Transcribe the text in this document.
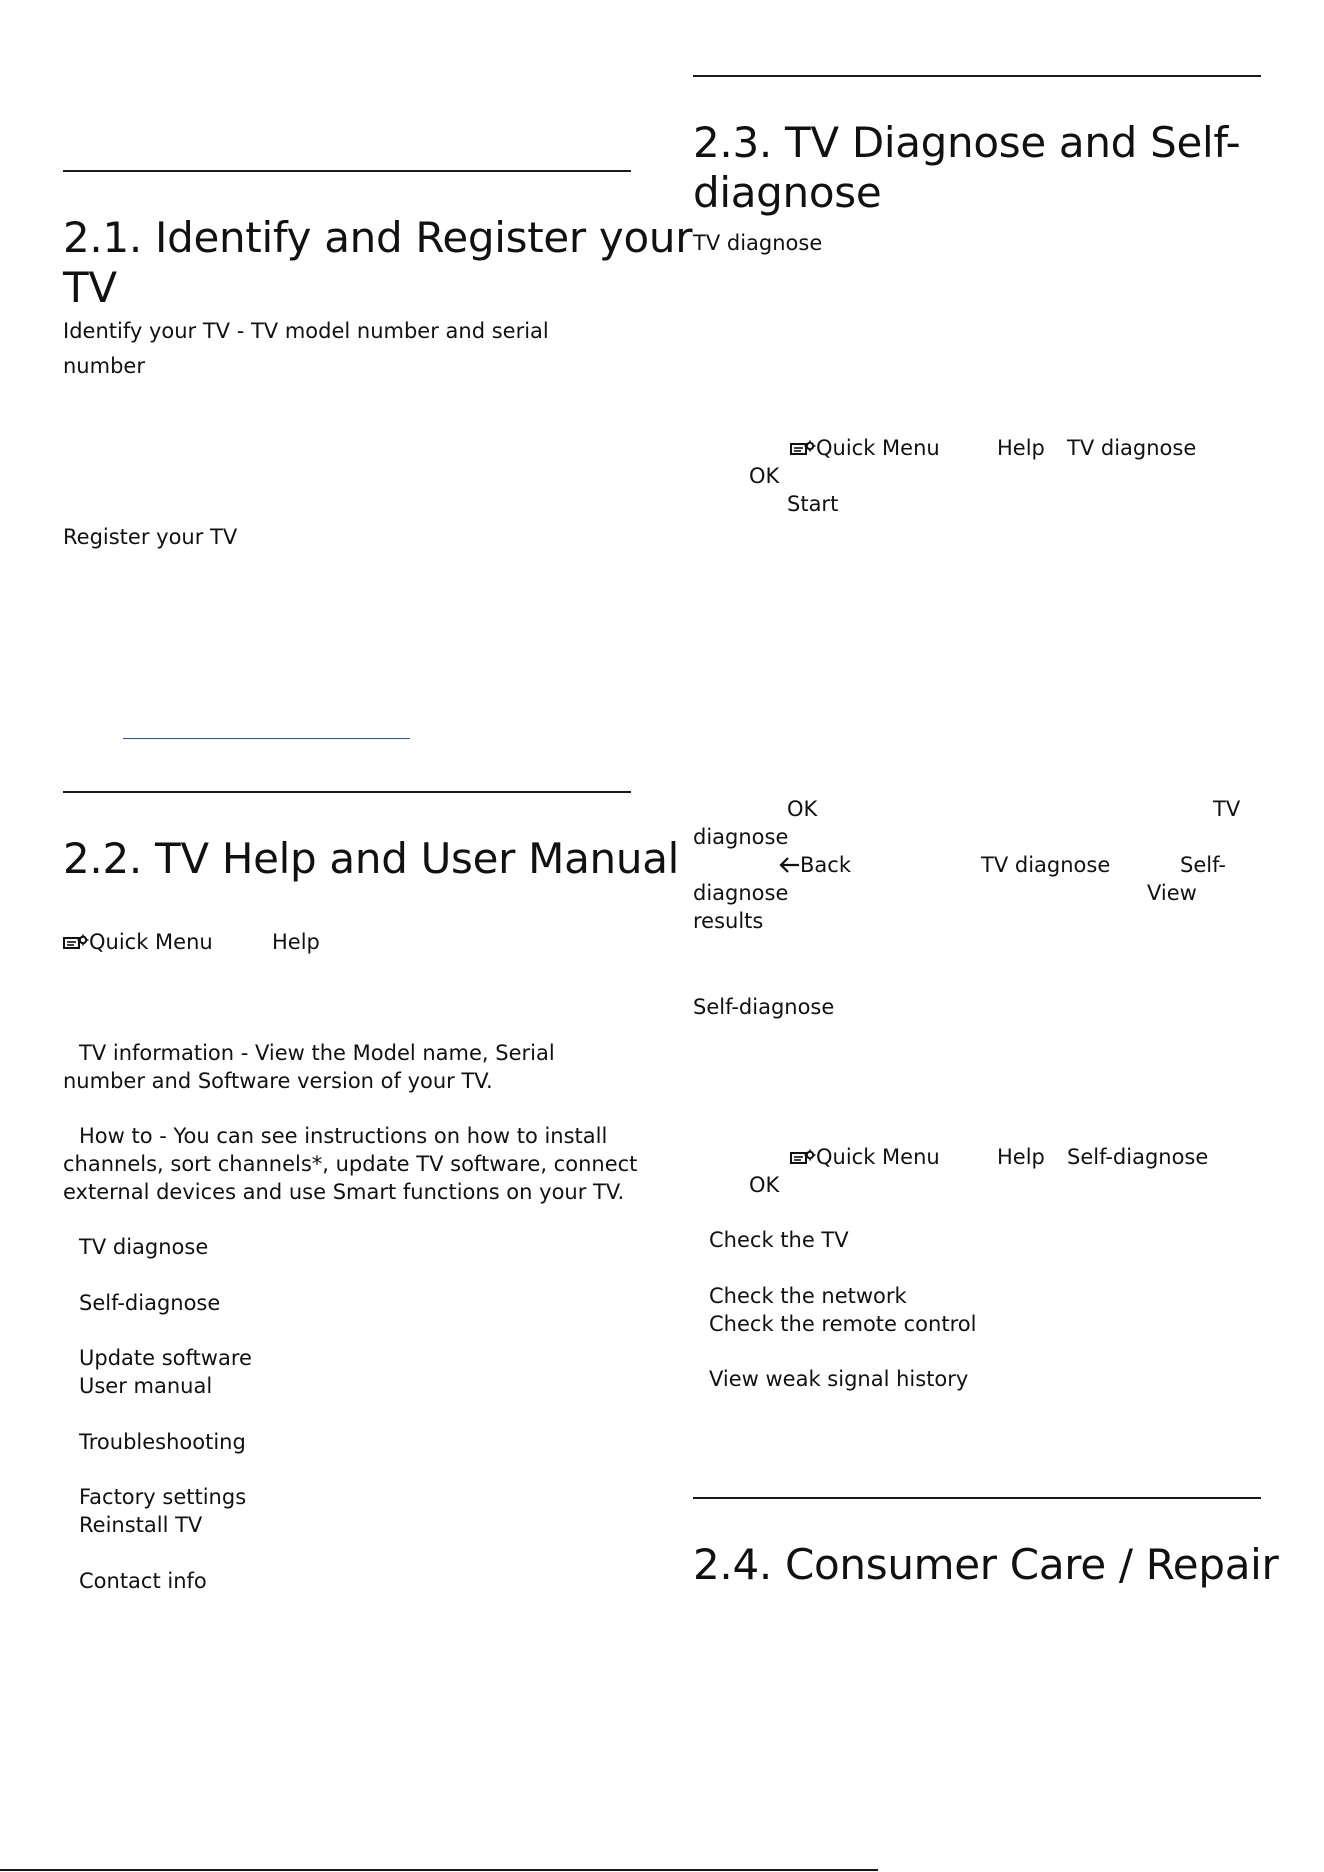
2.1. Identify and Register your
TV
Identify your TV - TV model number and serial
number
Register your TV
2.2. TV Help and User Manual
Quick Menu	Help
TV information - View the Model name, Serial
number and Software version of your TV.
How to - You can see instructions on how to install
channels, sort channels*, update TV software, connect
external devices and use Smart functions on your TV.
TV diagnose
Self-diagnose
Update software
User manual
Troubleshooting
Factory settings
Reinstall TV
Contact info
2.3. TV Diagnose and Self-
diagnose
TV diagnose
Quick Menu	Help TV diagnose
OK
Start
OK	TV
diagnose
Back	TV diagnose	Self-
diagnose	View
results
Self-diagnose
Quick Menu	Help Self-diagnose
OK
Check the TV
Check the network
Check the remote control
View weak signal history
2.4. Consumer Care / Repair
